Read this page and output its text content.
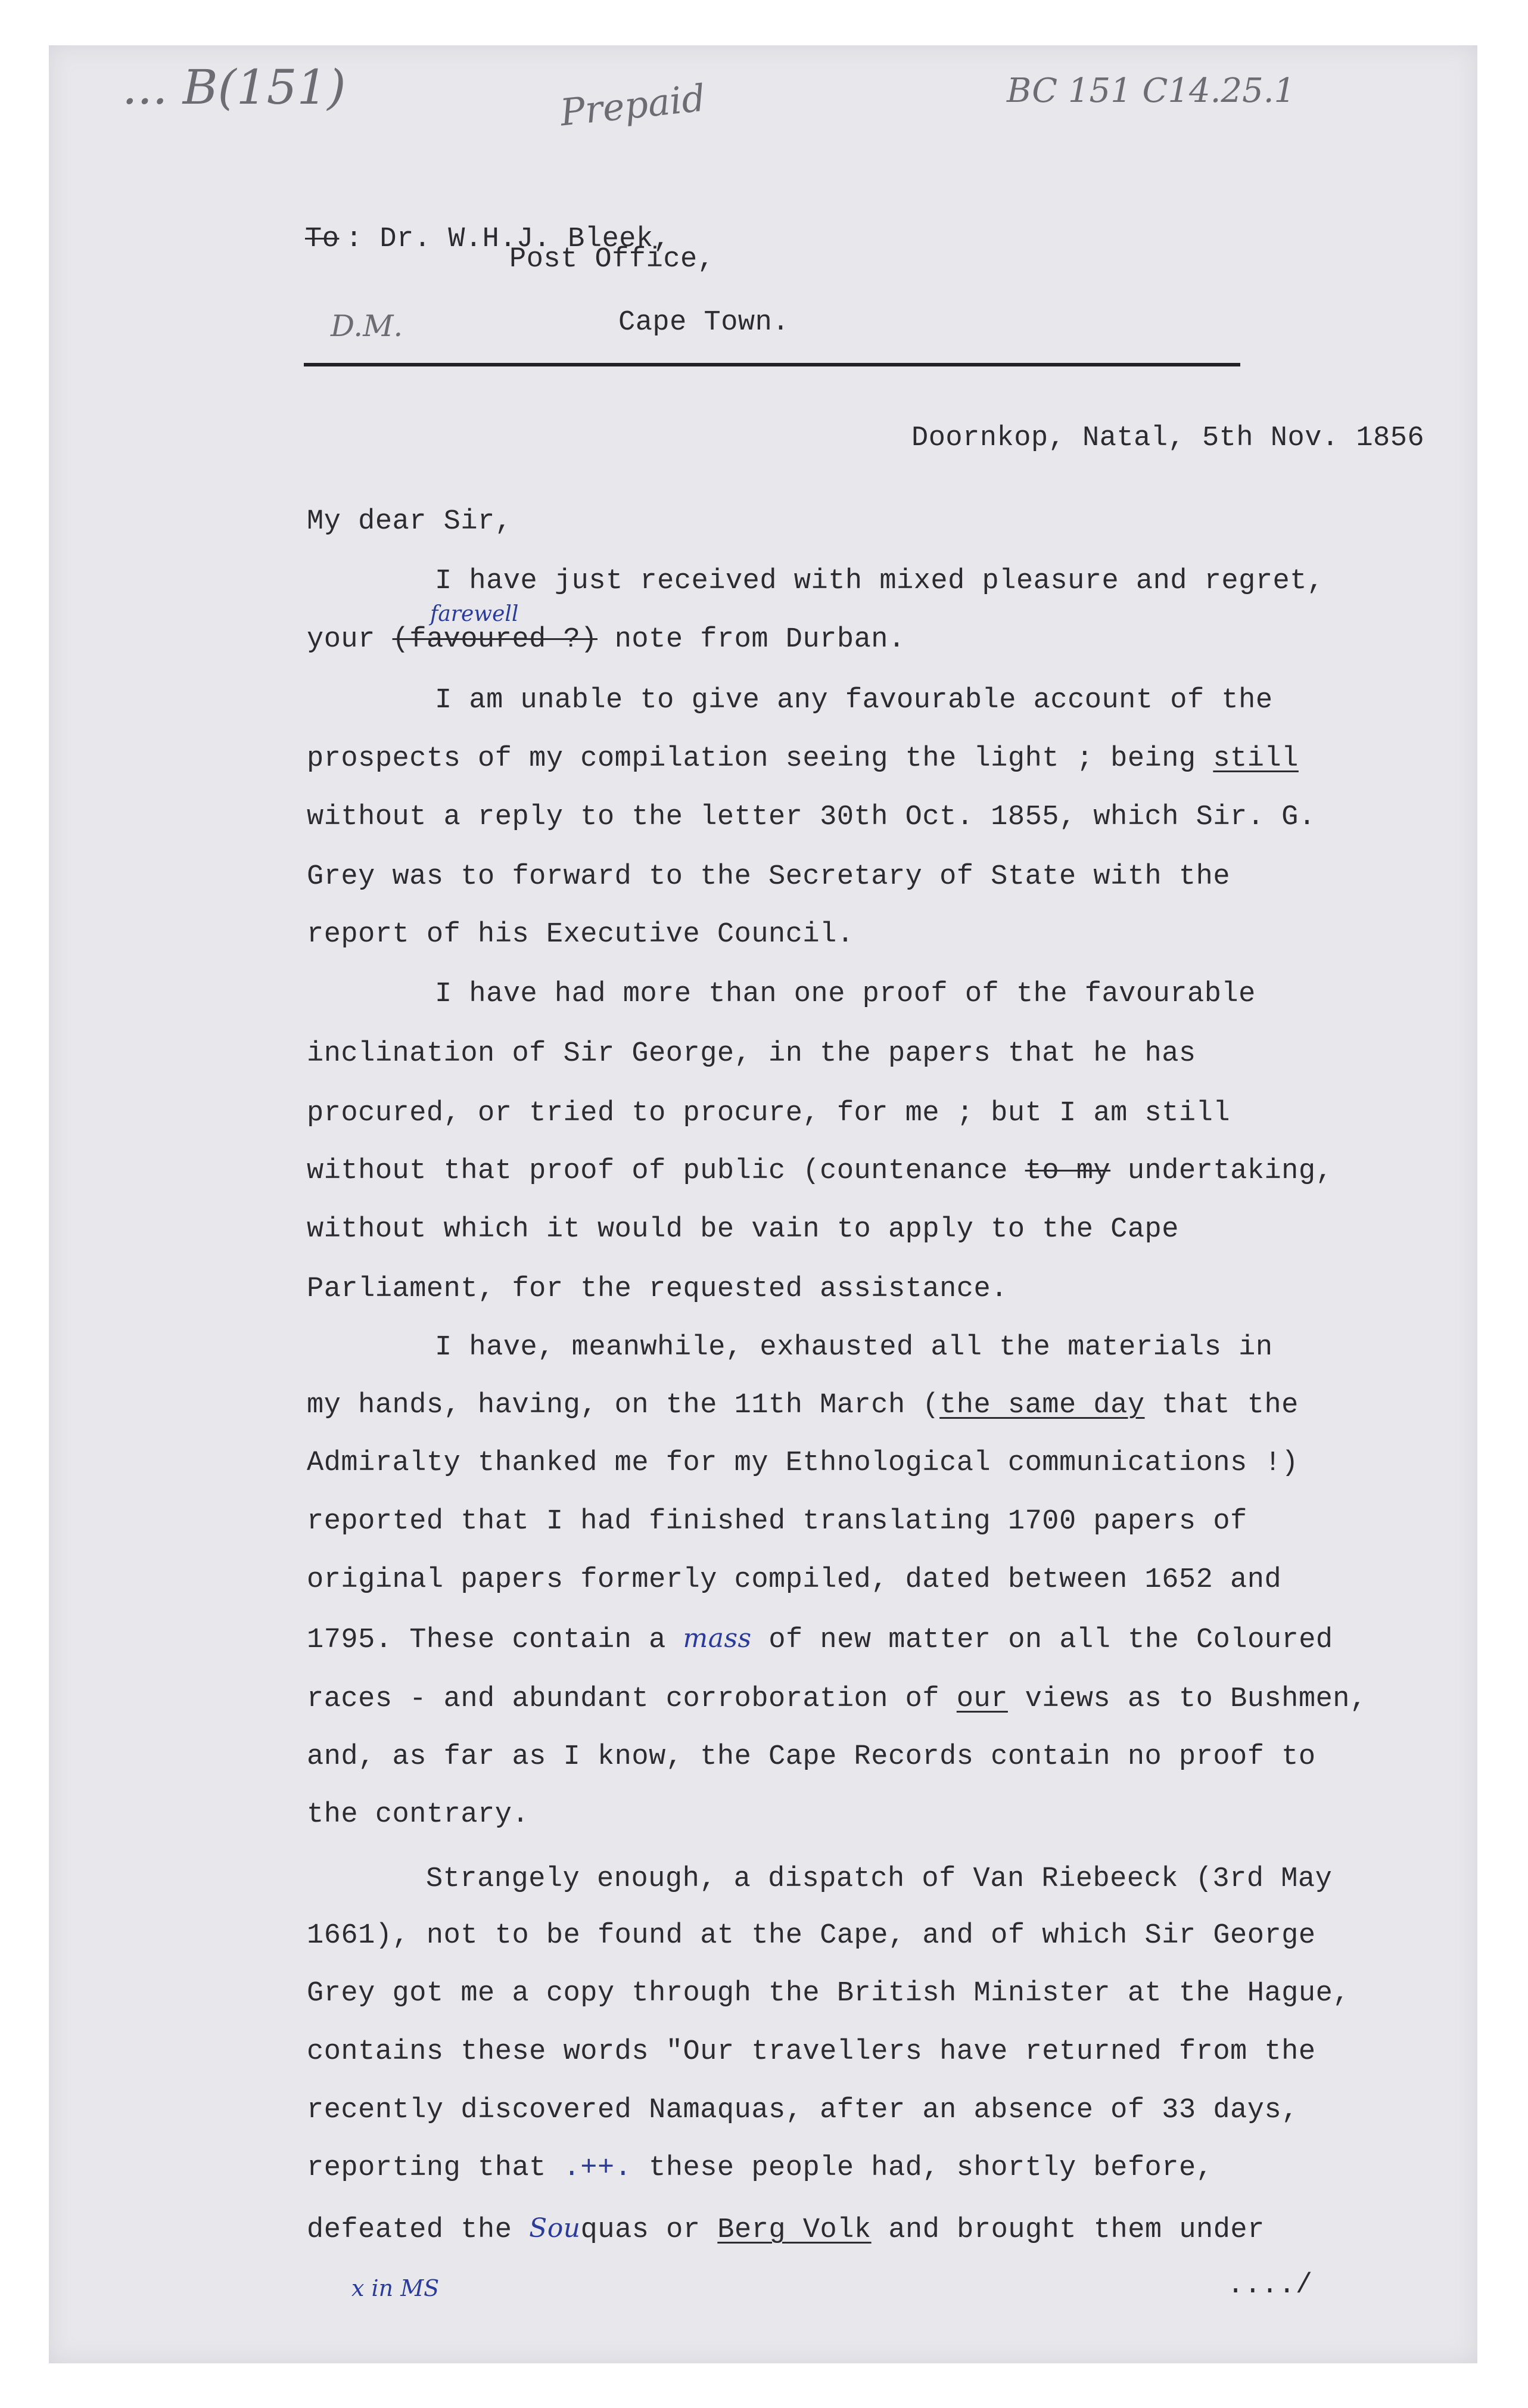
... B(151)	Prepaid	BC 151 C14.25.1
D.M.
To : Dr. W.H.J. Bleek,
Post Office,
Cape Town.
Doornkop, Natal, 5th Nov. 1856
My dear Sir,
I have just received with mixed pleasure and regret,
farewell
your (favoured ?) note from Durban.
I am unable to give any favourable account of the
prospects of my compilation seeing the light ; being still
without a reply to the letter 30th Oct. 1855, which Sir. G.
Grey was to forward to the Secretary of State with the
report of his Executive Council.
I have had more than one proof of the favourable
inclination of Sir George, in the papers that he has
procured, or tried to procure, for me ; but I am still
without that proof of public (countenance to my undertaking,
without which it would be vain to apply to the Cape
Parliament, for the requested assistance.
I have, meanwhile, exhausted all the materials in
my hands, having, on the 11th March (the same day that the
Admiralty thanked me for my Ethnological communications !)
reported that I had finished translating 1700 papers of
original papers formerly compiled, dated between 1652 and
1795. These contain a mass of new matter on all the Coloured
races - and abundant corroboration of our views as to Bushmen,
and, as far as I know, the Cape Records contain no proof to
the contrary.
Strangely enough, a dispatch of Van Riebeeck (3rd May
1661), not to be found at the Cape, and of which Sir George
Grey got me a copy through the British Minister at the Hague,
contains these words "Our travellers have returned from the
recently discovered Namaquas, after an absence of 33 days,
reporting that .++. these people had, shortly before,
defeated the Souquas or Berg Volk and brought them under
x in MS	..../
